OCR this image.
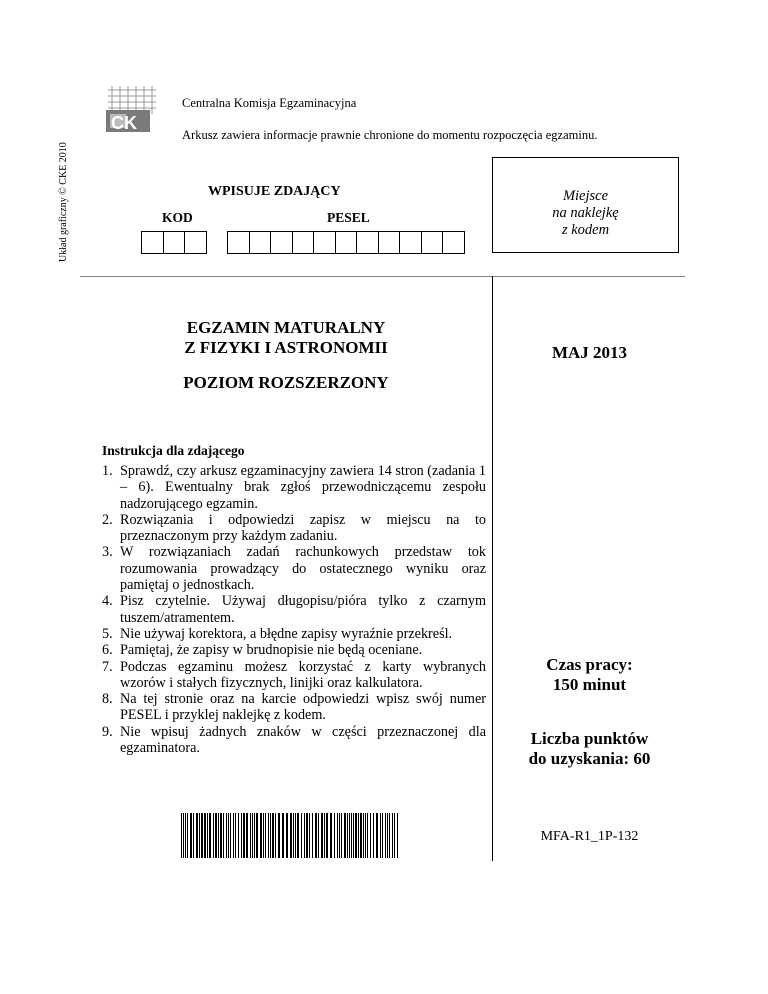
CK
Układ graficzny © CKE 2010
Centralna Komisja Egzaminacyjna
Arkusz zawiera informacje prawnie chronione do momentu rozpoczęcia egzaminu.
WPISUJE ZDAJĄCY
KOD	PESEL
Miejsce
na naklejkę
z kodem
EGZAMIN MATURALNY
Z FIZYKI I ASTRONOMII
POZIOM ROZSZERZONY
MAJ 2013
Instrukcja dla zdającego
1. Sprawdź, czy arkusz egzaminacyjny zawiera 14 stron (zadania 1 – 6). Ewentualny brak zgłoś przewodniczącemu zespołu nadzorującego egzamin.
2. Rozwiązania i odpowiedzi zapisz w miejscu na to przeznaczonym przy każdym zadaniu.
3. W rozwiązaniach zadań rachunkowych przedstaw tok rozumowania prowadzący do ostatecznego wyniku oraz pamiętaj o jednostkach.
4. Pisz czytelnie. Używaj długopisu/pióra tylko z czarnym tuszem/atramentem.
5. Nie używaj korektora, a błędne zapisy wyraźnie przekreśl.
6. Pamiętaj, że zapisy w brudnopisie nie będą oceniane.
7. Podczas egzaminu możesz korzystać z karty wybranych wzorów i stałych fizycznych, linijki oraz kalkulatora.
8. Na tej stronie oraz na karcie odpowiedzi wpisz swój numer PESEL i przyklej naklejkę z kodem.
9. Nie wpisuj żadnych znaków w części przeznaczonej dla egzaminatora.
Czas pracy:
150 minut
Liczba punktów
do uzyskania: 60
MFA-R1_1P-132
